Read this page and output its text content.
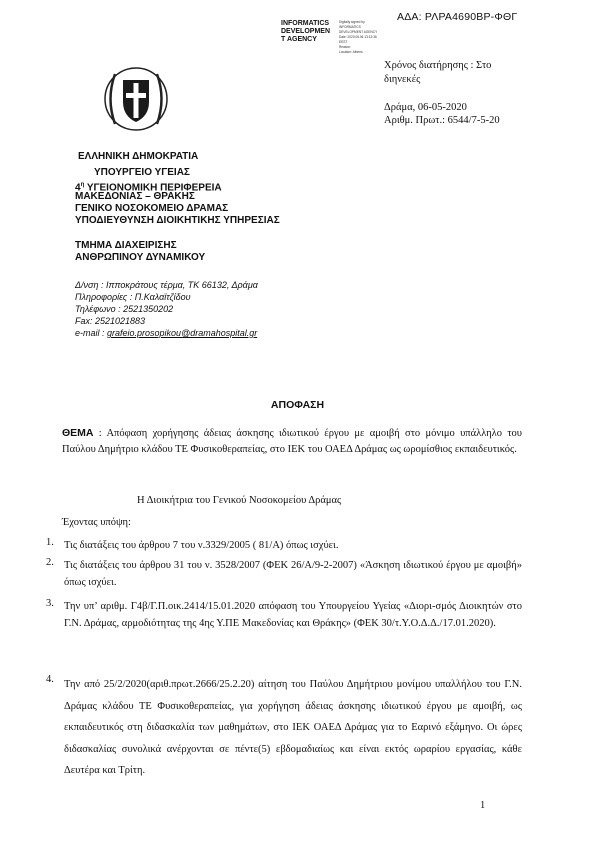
ΑΔΑ: ΡΛΡΑ4690ΒΡ-ΦΘΓ
INFORMATICS
DEVELOPMEN
T AGENCY
Digitally signed by
INFORMATICS
DEVELOPMENT AGENCY
Date: 2020.05.06 13:13:36
EEST
Reason:
Location: Athens
Χρόνος διατήρησης : Στο
διηνεκές
Δράμα, 06-05-2020
Αριθμ. Πρωτ.: 6544/7-5-20
ΕΛΛΗΝΙΚΗ ΔΗΜΟΚΡΑΤΙΑ
ΥΠΟΥΡΓΕΙΟ ΥΓΕΙΑΣ
$4^\eta$ ΥΓΕΙΟΝΟΜΙΚΗ ΠΕΡΙΦΕΡΕΙΑ
ΜΑΚΕΔΟΝΙΑΣ – ΘΡΑΚΗΣ
ΓΕΝΙΚΟ ΝΟΣΟΚΟΜΕΙΟ ΔΡΑΜΑΣ
ΥΠΟΔΙΕΥΘΥΝΣΗ ΔΙΟΙΚΗΤΙΚΗΣ ΥΠΗΡΕΣΙΑΣ
ΤΜΗΜΑ ΔΙΑΧΕΙΡΙΣΗΣ
ΑΝΘΡΩΠΙΝΟΥ ΔΥΝΑΜΙΚΟΥ
Δ/νση : Ιπποκράτους τέρμα, ΤΚ 66132, Δράμα
Πληροφορίες : Π.Καλαϊτζίδου
Τηλέφωνο : 2521350202
Fax: 2521021883
e-mail : grafeio.prosopikou@dramahospital.gr
ΑΠΟΦΑΣΗ
ΘΕΜΑ : Απόφαση χορήγησης άδειας άσκησης ιδιωτικού έργου με αμοιβή στο μόνιμο υπάλληλο του Παύλου Δημήτριο κλάδου ΤΕ Φυσικοθεραπείας, στο ΙΕΚ του ΟΑΕΔ Δράμας ως ωρομίσθιος εκπαιδευτικός.
Η Διοικήτρια του Γενικού Νοσοκομείου Δράμας
Έχοντας υπόψη:
1. Τις διατάξεις του άρθρου 7 του ν.3329/2005 ( 81/Α) όπως ισχύει.
2. Τις διατάξεις του άρθρου 31 του ν. 3528/2007 (ΦΕΚ 26/Α/9-2-2007) «Άσκηση ιδιωτικού έργου με αμοιβή» όπως ισχύει.
3. Την υπ’ αριθμ. Γ4β/Γ.Π.οικ.2414/15.01.2020 απόφαση του Υπουργείου Υγείας «Διορι-σμός Διοικητών στο Γ.Ν. Δράμας, αρμοδιότητας της 4ης Υ.ΠΕ Μακεδονίας και Θράκης» (ΦΕΚ 30/τ.Υ.Ο.Δ.Δ./17.01.2020).
4. Την από 25/2/2020(αριθ.πρωτ.2666/25.2.20) αίτηση του Παύλου Δημήτριου μονίμου υπαλλήλου του Γ.Ν. Δράμας κλάδου ΤΕ Φυσικοθεραπείας, για χορήγηση άδειας άσκησης ιδιωτικού έργου με αμοιβή, ως εκπαιδευτικός στη διδασκαλία των μαθημάτων, στο ΙΕΚ ΟΑΕΔ Δράμας για το Εαρινό εξάμηνο. Οι ώρες διδασκαλίας συνολικά ανέρχονται σε πέντε(5) εβδομαδιαίως και είναι εκτός ωραρίου εργασίας, κάθε Δευτέρα και Τρίτη.
1
